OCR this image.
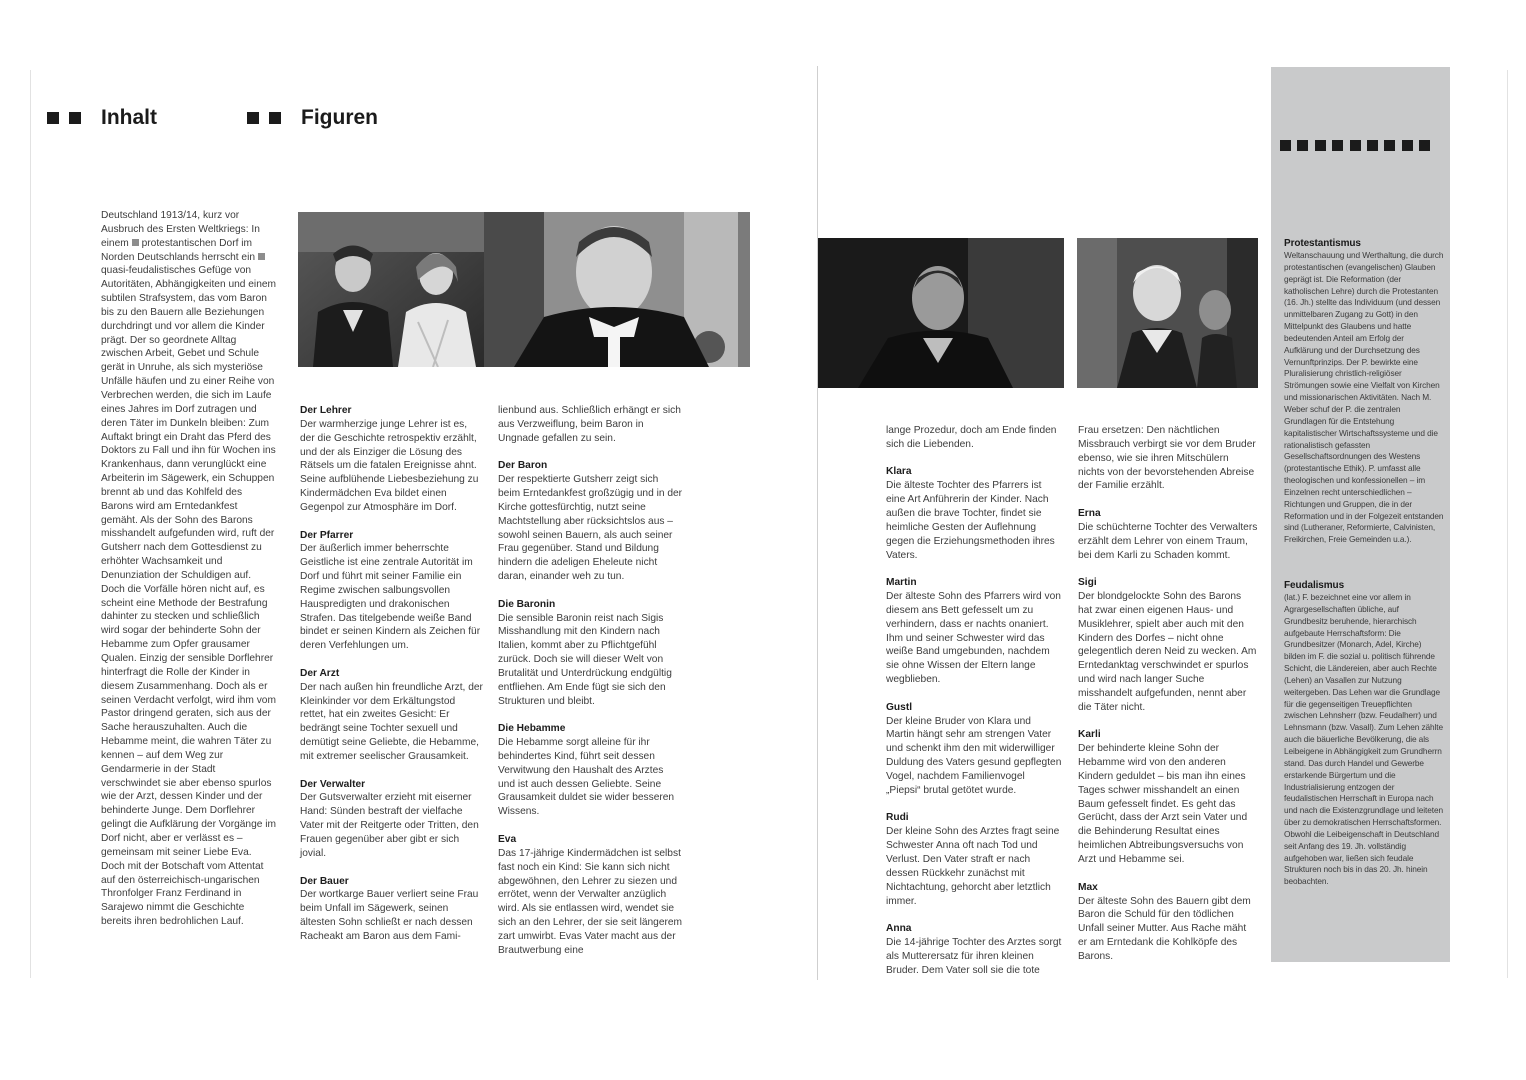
Inhalt	Figuren

Deutschland 1913/14, kurz vor Ausbruch des Ersten Weltkriegs: In einem protestantischen Dorf im Norden Deutschlands herrscht ein quasi-feudalistisches Gefüge von Autoritäten, Abhängigkeiten und einem subtilen Strafsystem, das vom Baron bis zu den Bauern alle Beziehungen durchdringt und vor allem die Kinder prägt. Der so geordnete Alltag zwischen Arbeit, Gebet und Schule gerät in Unruhe, als sich mysteriöse Unfälle häufen und zu einer Reihe von Verbrechen werden, die sich im Laufe eines Jahres im Dorf zutragen und deren Täter im Dunkeln bleiben: Zum Auftakt bringt ein Draht das Pferd des Doktors zu Fall und ihn für Wochen ins Krankenhaus, dann verunglückt eine Arbeiterin im Sägewerk, ein Schuppen brennt ab und das Kohlfeld des Barons wird am Erntedankfest gemäht. Als der Sohn des Barons misshandelt aufgefunden wird, ruft der Gutsherr nach dem Gottesdienst zu erhöhter Wachsamkeit und Denunziation der Schuldigen auf. Doch die Vorfälle hören nicht auf, es scheint eine Methode der Bestrafung dahinter zu stecken und schließlich wird sogar der behinderte Sohn der Hebamme zum Opfer grausamer Qualen. Einzig der sensible Dorflehrer hinterfragt die Rolle der Kinder in diesem Zusammenhang. Doch als er seinen Verdacht verfolgt, wird ihm vom Pastor dringend geraten, sich aus der Sache herauszuhalten. Auch die Hebamme meint, die wahren Täter zu kennen – auf dem Weg zur Gendarmerie in der Stadt verschwindet sie aber ebenso spurlos wie der Arzt, dessen Kinder und der behinderte Junge. Dem Dorflehrer gelingt die Aufklärung der Vorgänge im Dorf nicht, aber er verlässt es – gemeinsam mit seiner Liebe Eva. Doch mit der Botschaft vom Attentat auf den österreichisch-ungarischen Thronfolger Franz Ferdinand in Sarajewo nimmt die Geschichte bereits ihren bedrohlichen Lauf.

Der Lehrer

Der warmherzige junge Lehrer ist es, der die Geschichte retrospektiv erzählt, und der als Einziger die Lösung des Rätsels um die fatalen Ereignisse ahnt. Seine aufblühende Liebesbeziehung zu Kindermädchen Eva bildet einen Gegenpol zur Atmosphäre im Dorf.

Der Pfarrer

Der äußerlich immer beherrschte Geistliche ist eine zentrale Autorität im Dorf und führt mit seiner Familie ein Regime zwischen salbungsvollen Hauspredigten und drakonischen Strafen. Das titelgebende weiße Band bindet er seinen Kindern als Zeichen für deren Verfehlungen um.

Der Arzt

Der nach außen hin freundliche Arzt, der Kleinkinder vor dem Erkältungstod rettet, hat ein zweites Gesicht: Er bedrängt seine Tochter sexuell und demütigt seine Geliebte, die Hebamme, mit extremer seelischer Grausamkeit.

Der Verwalter

Der Gutsverwalter erzieht mit eiserner Hand: Sünden bestraft der vielfache Vater mit der Reitgerte oder Tritten, den Frauen gegenüber aber gibt er sich jovial.

Der Bauer

Der wortkarge Bauer verliert seine Frau beim Unfall im Sägewerk, seinen ältesten Sohn schließt er nach dessen Racheakt am Baron aus dem Fami-

lienbund aus. Schließlich erhängt er sich aus Verzweiflung, beim Baron in Ungnade gefallen zu sein.

Der Baron

Der respektierte Gutsherr zeigt sich beim Erntedankfest großzügig und in der Kirche gottesfürchtig, nutzt seine Machtstellung aber rücksichtslos aus – sowohl seinen Bauern, als auch seiner Frau gegenüber. Stand und Bildung hindern die adeligen Eheleute nicht daran, einander weh zu tun.

Die Baronin

Die sensible Baronin reist nach Sigis Misshandlung mit den Kindern nach Italien, kommt aber zu Pflichtgefühl zurück. Doch sie will dieser Welt von Brutalität und Unterdrückung endgültig entfliehen. Am Ende fügt sie sich den Strukturen und bleibt.

Die Hebamme

Die Hebamme sorgt alleine für ihr behindertes Kind, führt seit dessen Verwitwung den Haushalt des Arztes und ist auch dessen Geliebte. Seine Grausamkeit duldet sie wider besseren Wissens.

Eva

Das 17-jährige Kindermädchen ist selbst fast noch ein Kind: Sie kann sich nicht abgewöhnen, den Lehrer zu siezen und errötet, wenn der Verwalter anzüglich wird. Als sie entlassen wird, wendet sie sich an den Lehrer, der sie seit längerem zart umwirbt. Evas Vater macht aus der Brautwerbung eine

lange Prozedur, doch am Ende finden sich die Liebenden.

Klara

Die älteste Tochter des Pfarrers ist eine Art Anführerin der Kinder. Nach außen die brave Tochter, findet sie heimliche Gesten der Auflehnung gegen die Erziehungsmethoden ihres Vaters.

Martin

Der älteste Sohn des Pfarrers wird von diesem ans Bett gefesselt um zu verhindern, dass er nachts onaniert. Ihm und seiner Schwester wird das weiße Band umgebunden, nachdem sie ohne Wissen der Eltern lange wegblieben.

Gustl

Der kleine Bruder von Klara und Martin hängt sehr am strengen Vater und schenkt ihm den mit widerwilliger Duldung des Vaters gesund gepflegten Vogel, nachdem Familienvogel „Piepsi“ brutal getötet wurde.

Rudi

Der kleine Sohn des Arztes fragt seine Schwester Anna oft nach Tod und Verlust. Den Vater straft er nach dessen Rückkehr zunächst mit Nichtachtung, gehorcht aber letztlich immer.

Anna

Die 14-jährige Tochter des Arztes sorgt als Mutterersatz für ihren kleinen Bruder. Dem Vater soll sie die tote

Frau ersetzen: Den nächtlichen Missbrauch verbirgt sie vor dem Bruder ebenso, wie sie ihren Mitschülern nichts von der bevorstehenden Abreise der Familie erzählt.

Erna

Die schüchterne Tochter des Verwalters erzählt dem Lehrer von einem Traum, bei dem Karli zu Schaden kommt.

Sigi

Der blondgelockte Sohn des Barons hat zwar einen eigenen Haus- und Musiklehrer, spielt aber auch mit den Kindern des Dorfes – nicht ohne gelegentlich deren Neid zu wecken. Am Erntedanktag verschwindet er spurlos und wird nach langer Suche misshandelt aufgefunden, nennt aber die Täter nicht.

Karli

Der behinderte kleine Sohn der Hebamme wird von den anderen Kindern geduldet – bis man ihn eines Tages schwer misshandelt an einen Baum gefesselt findet. Es geht das Gerücht, dass der Arzt sein Vater und die Behinderung Resultat eines heimlichen Abtreibungsversuchs von Arzt und Hebamme sei.

Max

Der älteste Sohn des Bauern gibt dem Baron die Schuld für den tödlichen Unfall seiner Mutter. Aus Rache mäht er am Erntedank die Kohlköpfe des Barons.

Protestantismus

Weltanschauung und Werthaltung, die durch protestantischen (evangelischen) Glauben geprägt ist. Die Reformation (der katholischen Lehre) durch die Protestanten (16. Jh.) stellte das Individuum (und dessen unmittelbaren Zugang zu Gott) in den Mittelpunkt des Glaubens und hatte bedeutenden Anteil am Erfolg der Aufklärung und der Durchsetzung des Vernunftprinzips. Der P. bewirkte eine Pluralisierung christlich-religiöser Strömungen sowie eine Vielfalt von Kirchen und missionarischen Aktivitäten. Nach M. Weber schuf der P. die zentralen Grundlagen für die Entstehung kapitalistischer Wirtschaftssysteme und die rationalistisch gefassten Gesellschaftsordnungen des Westens (protestantische Ethik). P. umfasst alle theologischen und konfessionellen – im Einzelnen recht unterschiedlichen – Richtungen und Gruppen, die in der Reformation und in der Folgezeit entstanden sind (Lutheraner, Reformierte, Calvinisten, Freikirchen, Freie Gemeinden u.a.).

Feudalismus

(lat.) F. bezeichnet eine vor allem in Agrargesellschaften übliche, auf Grundbesitz beruhende, hierarchisch aufgebaute Herrschaftsform: Die Grundbesitzer (Monarch, Adel, Kirche) bilden im F. die sozial u. politisch führende Schicht, die Ländereien, aber auch Rechte (Lehen) an Vasallen zur Nutzung weitergeben. Das Lehen war die Grundlage für die gegenseitigen Treuepflichten zwischen Lehnsherr (bzw. Feudalherr) und Lehnsmann (bzw. Vasall). Zum Lehen zählte auch die bäuerliche Bevölkerung, die als Leibeigene in Abhängigkeit zum Grundherrn stand. Das durch Handel und Gewerbe erstarkende Bürgertum und die Industrialisierung entzogen der feudalistischen Herrschaft in Europa nach und nach die Existenzgrundlage und leiteten über zu demokratischen Herrschaftsformen. Obwohl die Leibeigenschaft in Deutschland seit Anfang des 19. Jh. vollständig aufgehoben war, ließen sich feudale Strukturen noch bis in das 20. Jh. hinein beobachten.
